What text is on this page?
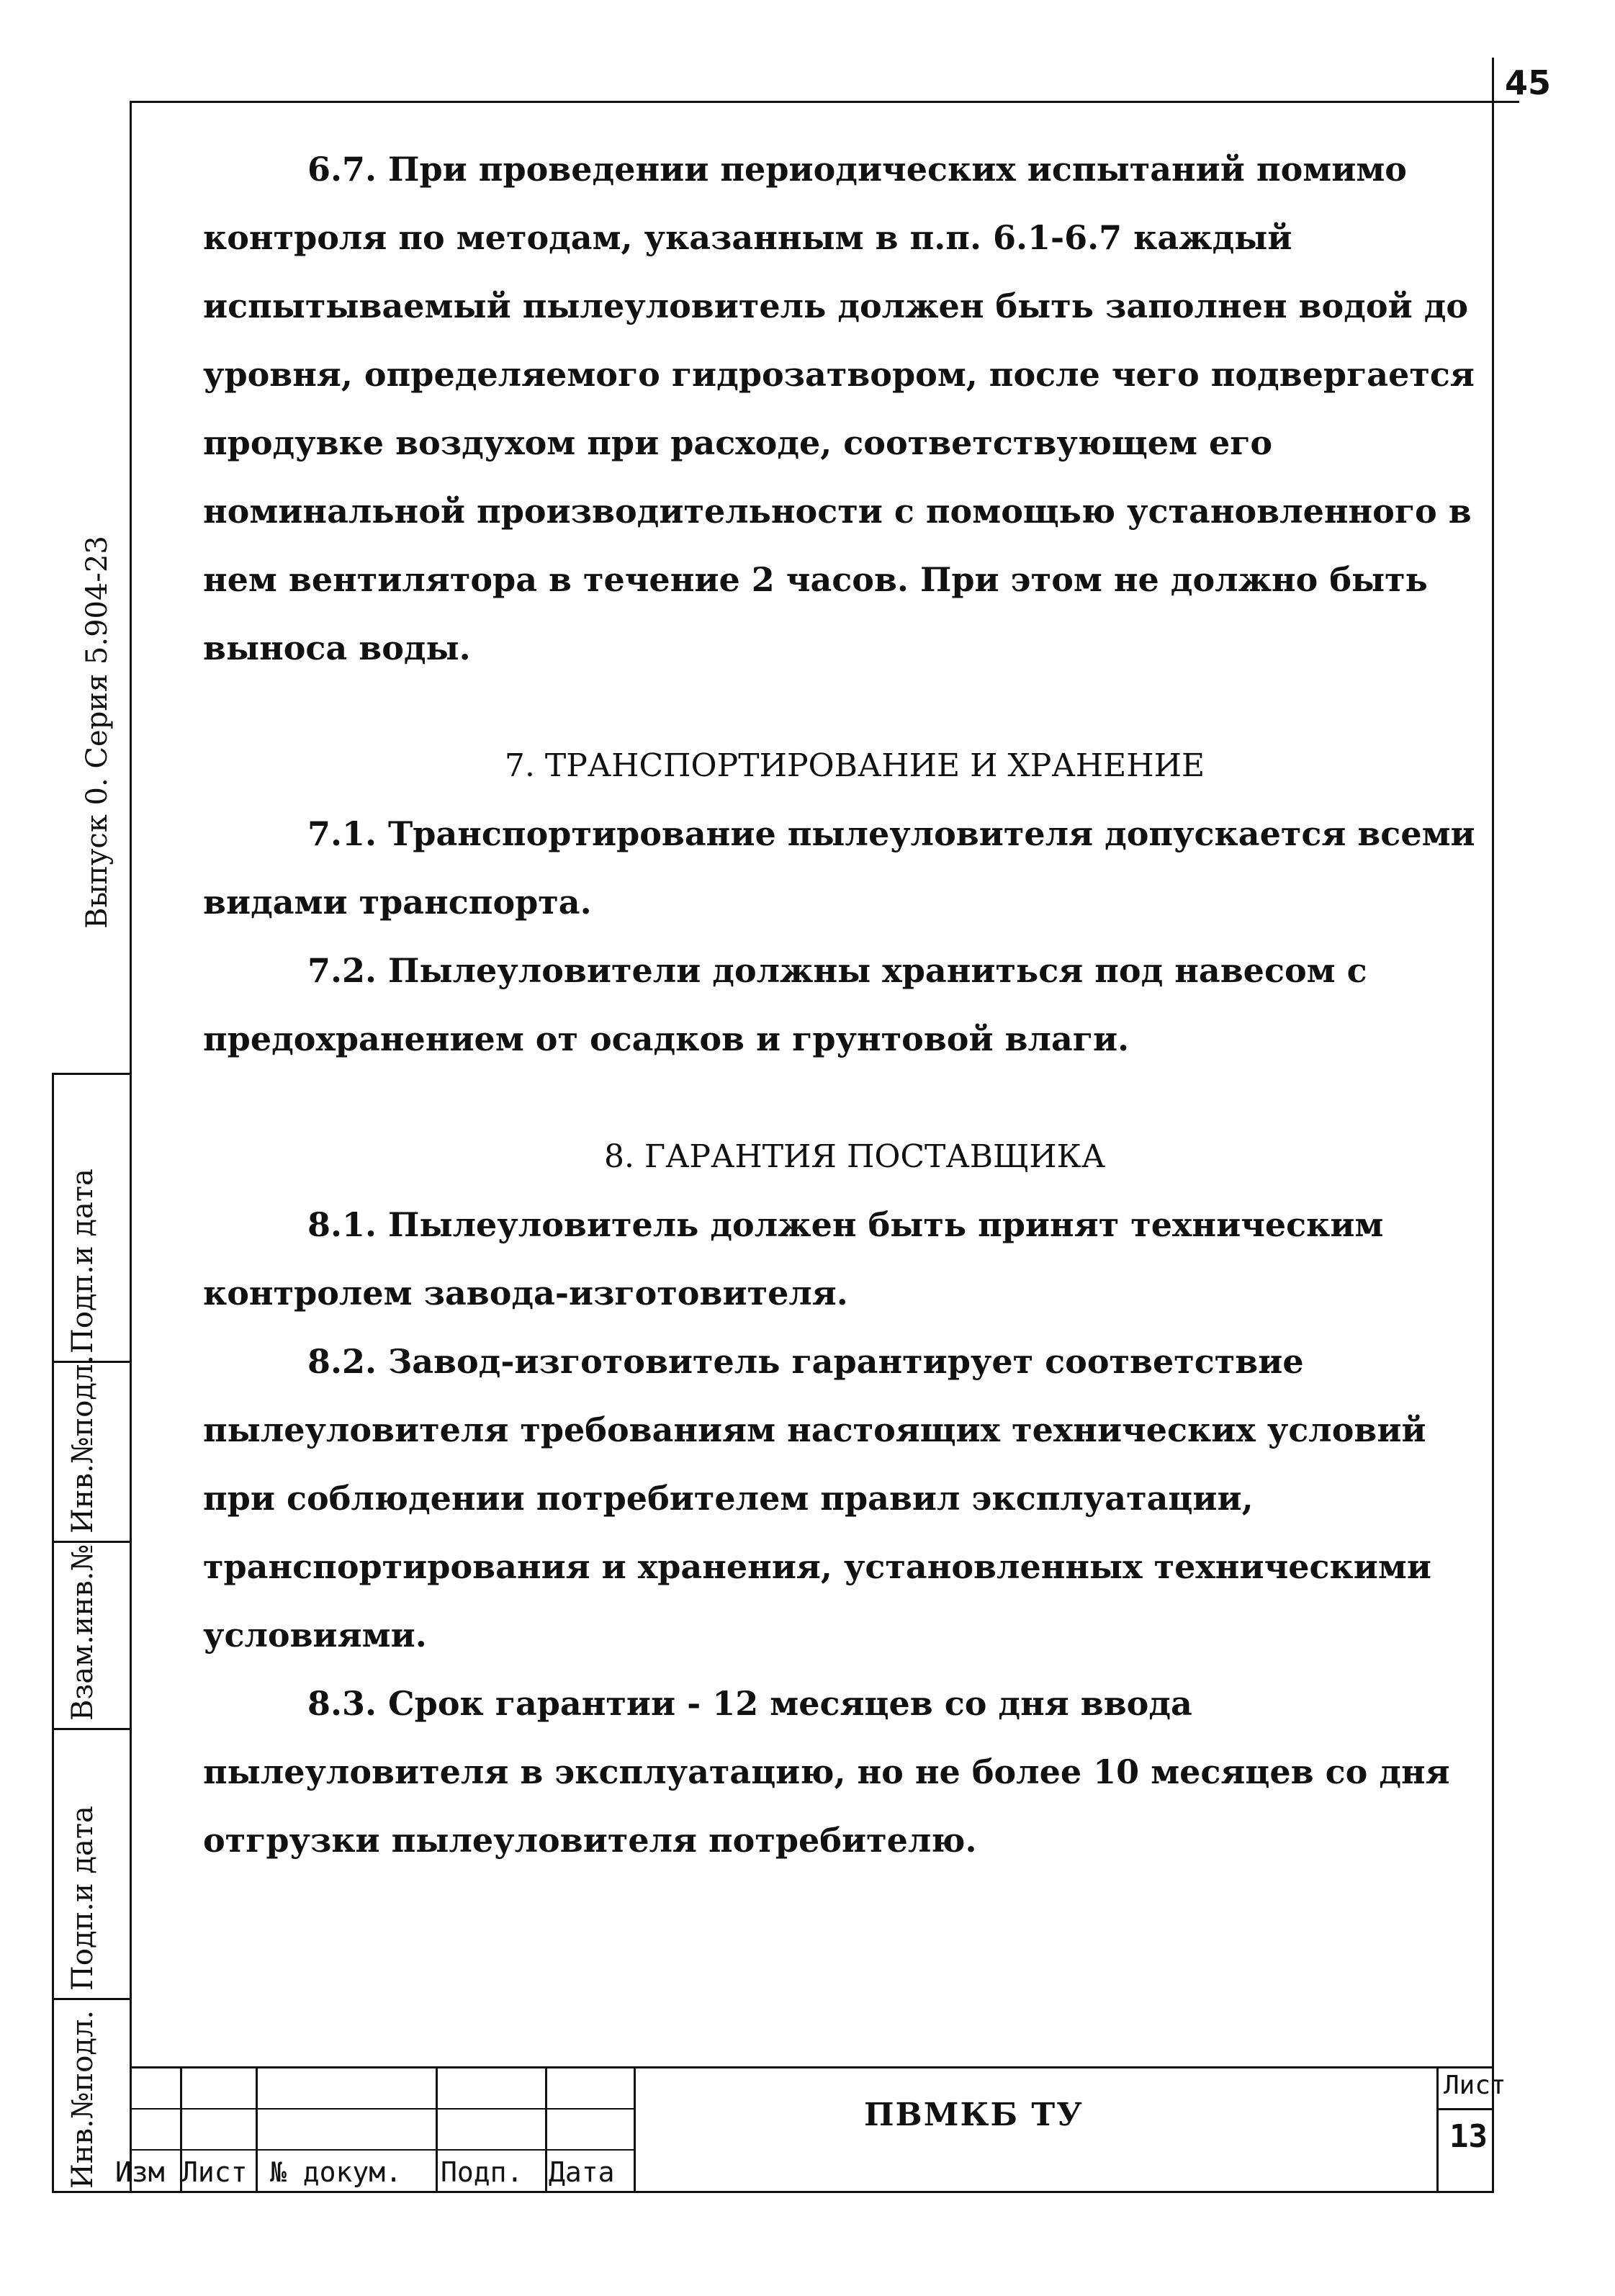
45
Выпуск 0. Серия 5.904-23
Подп.и дата
Инв.№подл.
Взам.инв.№
Подп.и дата
Инв.№подл.

6.7. При проведении периодических испытаний помимо контроля по методам, указанным в п.п. 6.1-6.7 каждый испытываемый пылеуловитель должен быть заполнен водой до уровня, определяемого гидрозатвором, после чего подвергается продувке воздухом при расходе, соответствующем его номинальной производительности с помощью установленного в нем вентилятора в течение 2 часов. При этом не должно быть выноса воды.

7. ТРАНСПОРТИРОВАНИЕ И ХРАНЕНИЕ

7.1. Транспортирование пылеуловителя допускается всеми видами транспорта.

7.2. Пылеуловители должны храниться под навесом с предохранением от осадков и грунтовой влаги.

8. ГАРАНТИЯ ПОСТАВЩИКА

8.1. Пылеуловитель должен быть принят техническим контролем завода-изготовителя.

8.2. Завод-изготовитель гарантирует соответствие пылеуловителя требованиям настоящих технических условий при соблюдении потребителем правил эксплуатации, транспортирования и хранения, установленных техническими условиями.

8.3. Срок гарантии - 12 месяцев со дня ввода пылеуловителя в эксплуатацию, но не более 10 месяцев со дня отгрузки пылеуловителя потребителю.

Изм Лист № докум. Подп. Дата
ПВМКБ ТУ
Лист
13
